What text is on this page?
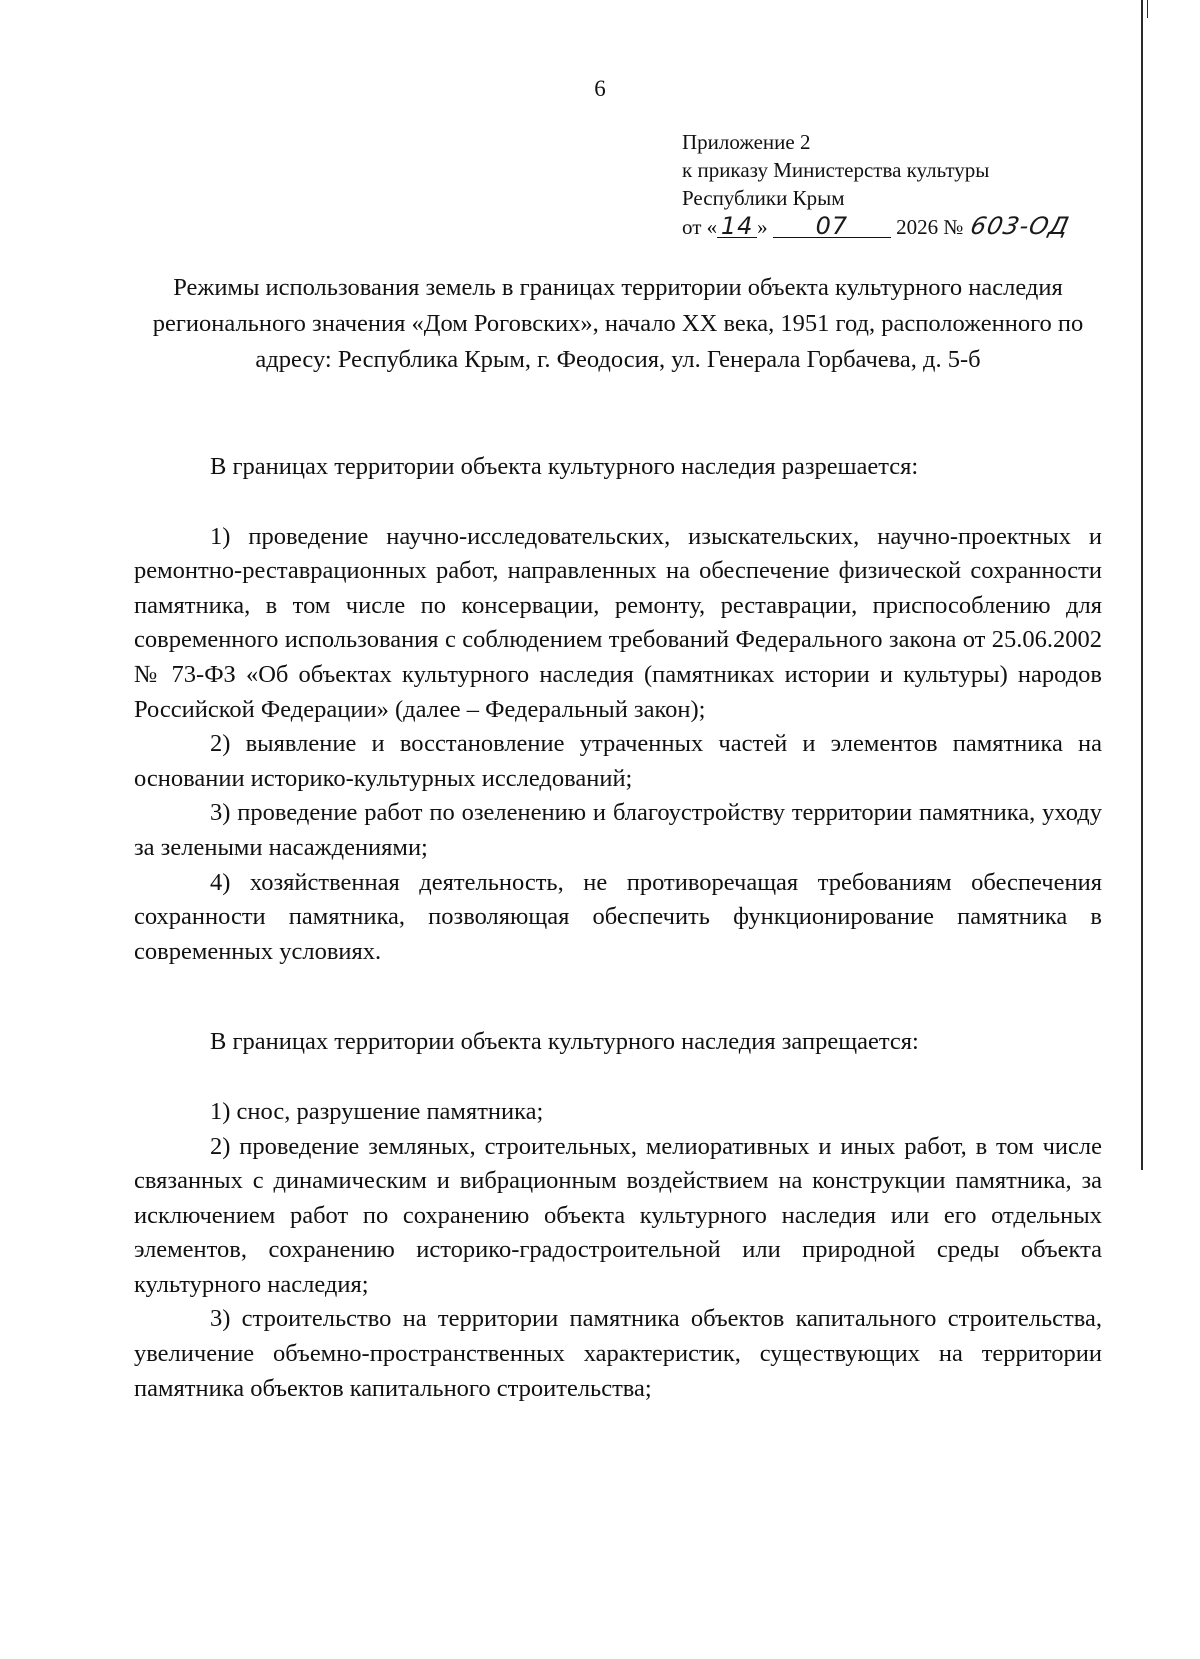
6
Приложение 2
к приказу Министерства культуры
Республики Крым
от « 14 » 07 2026 № 603-ОД
Режимы использования земель в границах территории объекта культурного наследия регионального значения «Дом Роговских», начало XX века, 1951 год, расположенного по адресу: Республика Крым, г. Феодосия, ул. Генерала Горбачева, д. 5-б

В границах территории объекта культурного наследия разрешается:

1) проведение научно-исследовательских, изыскательских, научно-проектных и ремонтно-реставрационных работ, направленных на обеспечение физической сохранности памятника, в том числе по консервации, ремонту, реставрации, приспособлению для современного использования с соблюдением требований Федерального закона от 25.06.2002 № 73-ФЗ «Об объектах культурного наследия (памятниках истории и культуры) народов Российской Федерации» (далее – Федеральный закон);

2) выявление и восстановление утраченных частей и элементов памятника на основании историко-культурных исследований;

3) проведение работ по озеленению и благоустройству территории памятника, уходу за зелеными насаждениями;

4) хозяйственная деятельность, не противоречащая требованиям обеспечения сохранности памятника, позволяющая обеспечить функционирование памятника в современных условиях.

В границах территории объекта культурного наследия запрещается:

1) снос, разрушение памятника;

2) проведение земляных, строительных, мелиоративных и иных работ, в том числе связанных с динамическим и вибрационным воздействием на конструкции памятника, за исключением работ по сохранению объекта культурного наследия или его отдельных элементов, сохранению историко-градостроительной или природной среды объекта культурного наследия;

3) строительство на территории памятника объектов капитального строительства, увеличение объемно-пространственных характеристик, существующих на территории памятника объектов капитального строительства;
